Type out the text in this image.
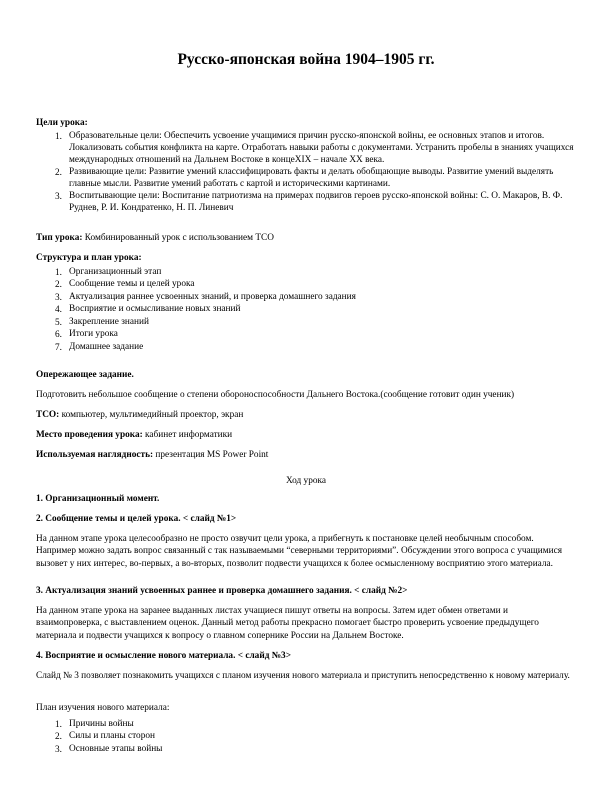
Русско-японская война 1904–1905 гг.
Цели урока:
1. Образовательные цели: Обеспечить усвоение учащимися причин русско-японской войны, ее основных этапов и итогов. Локализовать события конфликта на карте. Отработать навыки работы с документами. Устранить пробелы в знаниях учащихся международных отношений на Дальнем Востоке в концеXIX – начале XX века.
2. Развивающие цели: Развитие умений классифицировать факты и делать обобщающие выводы. Развитие умений выделять главные мысли. Развитие умений работать с картой и историческими картинами.
3. Воспитывающие цели: Воспитание патриотизма на примерах подвигов героев русско-японской войны: С. О. Макаров, В. Ф. Руднев, Р. И. Кондратенко, Н. П. Линевич
Тип урока: Комбинированный урок с использованием ТСО
Структура и план урока:
1. Организационный этап
2. Сообщение темы и целей урока
3. Актуализация раннее усвоенных знаний, и проверка домашнего задания
4. Восприятие и осмысливание новых знаний
5. Закрепление знаний
6. Итоги урока
7. Домашнее задание
Опережающее задание.
Подготовить небольшое сообщение о степени обороноспособности Дальнего Востока.(сообщение готовит один ученик)
ТСО: компьютер, мультимедийный проектор, экран
Место проведения урока: кабинет информатики
Используемая наглядность: презентация MS Power Point
Ход урока
1. Организационный момент.
2. Сообщение темы и целей урока. < слайд №1>
На данном этапе урока целесообразно не просто озвучит цели урока, а прибегнуть к постановке целей необычным способом. Например можно задать вопрос связанный с так называемыми “северными территориями”. Обсуждении этого вопроса с учащимися вызовет у них интерес, во-первых, а во-вторых, позволит подвести учащихся к более осмысленному восприятию этого материала.
3. Актуализация знаний усвоенных раннее и проверка домашнего задания. < слайд №2>
На данном этапе урока на заранее выданных листах учащиеся пишут ответы на вопросы. Затем идет обмен ответами и взаимопроверка, с выставлением оценок. Данный метод работы прекрасно помогает быстро проверить усвоение предыдущего материала и подвести учащихся к вопросу о главном сопернике России на Дальнем Востоке.
4. Восприятие и осмысление нового материала. < слайд №3>
Слайд № 3 позволяет познакомить учащихся с планом изучения нового материала и приступить непосредственно к новому материалу.
План изучения нового материала:
1. Причины войны
2. Силы и планы сторон
3. Основные этапы войны
